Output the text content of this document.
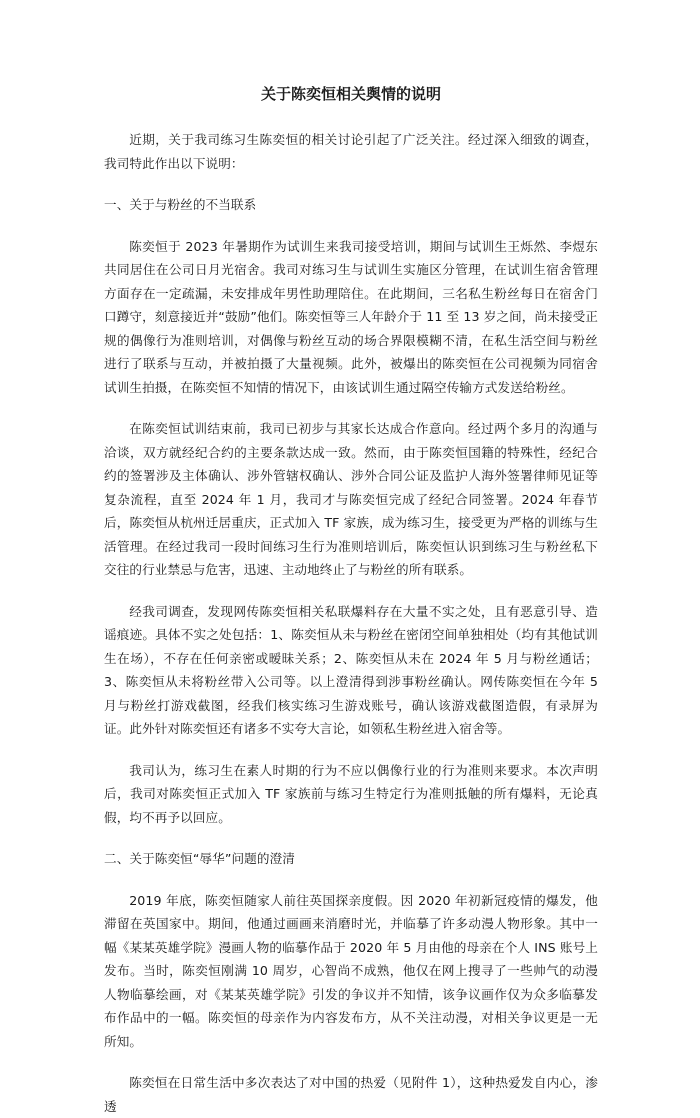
关于陈奕恒相关舆情的说明

近期，关于我司练习生陈奕恒的相关讨论引起了广泛关注。经过深入细致的调查，我司特此作出以下说明：

一、关于与粉丝的不当联系

陈奕恒于 2023 年暑期作为试训生来我司接受培训，期间与试训生王烁然、李煜东共同居住在公司日月光宿舍。我司对练习生与试训生实施区分管理，在试训生宿舍管理方面存在一定疏漏，未安排成年男性助理陪住。在此期间，三名私生粉丝每日在宿舍门口蹲守，刻意接近并“鼓励”他们。陈奕恒等三人年龄介于 11 至 13 岁之间，尚未接受正规的偶像行为准则培训，对偶像与粉丝互动的场合界限模糊不清，在私生活空间与粉丝进行了联系与互动，并被拍摄了大量视频。此外，被爆出的陈奕恒在公司视频为同宿舍试训生拍摄，在陈奕恒不知情的情况下，由该试训生通过隔空传输方式发送给粉丝。

在陈奕恒试训结束前，我司已初步与其家长达成合作意向。经过两个多月的沟通与洽谈，双方就经纪合约的主要条款达成一致。然而，由于陈奕恒国籍的特殊性，经纪合约的签署涉及主体确认、涉外管辖权确认、涉外合同公证及监护人海外签署律师见证等复杂流程，直至 2024 年 1 月，我司才与陈奕恒完成了经纪合同签署。2024 年春节后，陈奕恒从杭州迁居重庆，正式加入 TF 家族，成为练习生，接受更为严格的训练与生活管理。在经过我司一段时间练习生行为准则培训后，陈奕恒认识到练习生与粉丝私下交往的行业禁忌与危害，迅速、主动地终止了与粉丝的所有联系。

经我司调查，发现网传陈奕恒相关私联爆料存在大量不实之处，且有恶意引导、造谣痕迹。具体不实之处包括：1、陈奕恒从未与粉丝在密闭空间单独相处（均有其他试训生在场），不存在任何亲密或暧昧关系；2、陈奕恒从未在 2024 年 5 月与粉丝通话；3、陈奕恒从未将粉丝带入公司等。以上澄清得到涉事粉丝确认。网传陈奕恒在今年 5 月与粉丝打游戏截图，经我们核实练习生游戏账号，确认该游戏截图造假，有录屏为证。此外针对陈奕恒还有诸多不实夸大言论，如领私生粉丝进入宿舍等。

我司认为，练习生在素人时期的行为不应以偶像行业的行为准则来要求。本次声明后，我司对陈奕恒正式加入 TF 家族前与练习生特定行为准则抵触的所有爆料，无论真假，均不再予以回应。

二、关于陈奕恒“辱华”问题的澄清

2019 年底，陈奕恒随家人前往英国探亲度假。因 2020 年初新冠疫情的爆发，他滞留在英国家中。期间，他通过画画来消磨时光，并临摹了许多动漫人物形象。其中一幅《某某英雄学院》漫画人物的临摹作品于 2020 年 5 月由他的母亲在个人 INS 账号上发布。当时，陈奕恒刚满 10 周岁，心智尚不成熟，他仅在网上搜寻了一些帅气的动漫人物临摹绘画，对《某某英雄学院》引发的争议并不知情，该争议画作仅为众多临摹发布作品中的一幅。陈奕恒的母亲作为内容发布方，从不关注动漫，对相关争议更是一无所知。

陈奕恒在日常生活中多次表达了对中国的热爱（见附件 1），这种热爱发自内心，渗透
